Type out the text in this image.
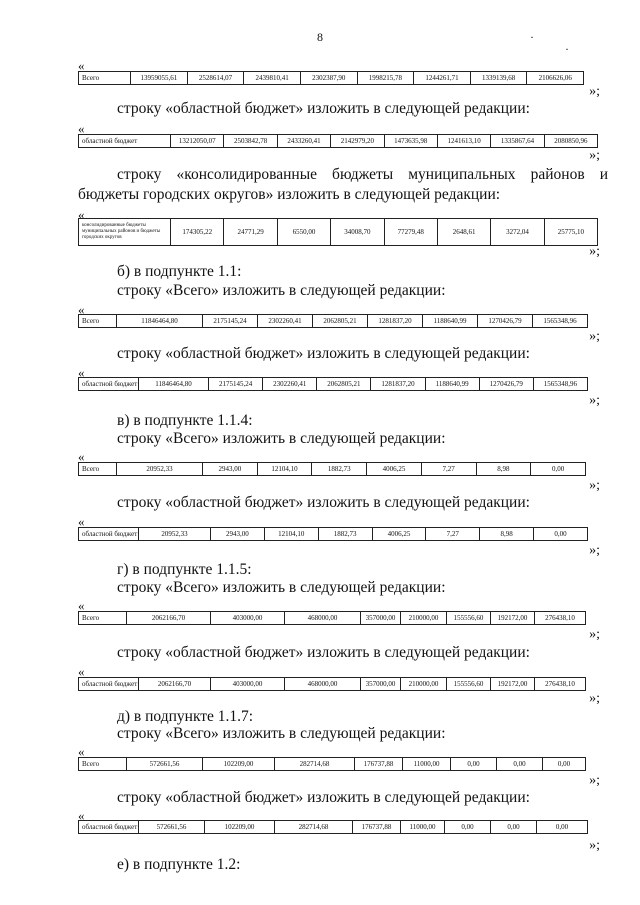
8	·
·
«
Всего	13959055,61	2528614,07	2439810,41	2302387,90	1998215,78	1244261,71	1339139,68	2106626,06
»;
строку «областной бюджет» изложить в следующей редакции:
«
областной бюджет	13212050,07	2503842,78	2433260,41	2142979,20	1473635,98	1241613,10	1335867,64	2080850,96
»;
строку «консолидированные бюджеты муниципальных районов и бюджеты городских округов» изложить в следующей редакции:
«
консолидированные бюджеты муниципальных районов и бюджеты городских округов	174305,22	24771,29	6550,00	34008,70	77279,48	2648,61	3272,04	25775,10
»;
б) в подпункте 1.1:
строку «Всего» изложить в следующей редакции:
«
Всего	11846464,80	2175145,24	2302260,41	2062805,21	1281837,20	1188640,99	1270426,79	1565348,96
»;
строку «областной бюджет» изложить в следующей редакции:
«
областной бюджет	11846464,80	2175145,24	2302260,41	2062805,21	1281837,20	1188640,99	1270426,79	1565348,96
»;
в) в подпункте 1.1.4:
строку «Всего» изложить в следующей редакции:
«
Всего	20952,33	2943,00	12104,10	1882,73	4006,25	7,27	8,98	0,00
»;
строку «областной бюджет» изложить в следующей редакции:
«
областной бюджет	20952,33	2943,00	12104,10	1882,73	4006,25	7,27	8,98	0,00
»;
г) в подпункте 1.1.5:
строку «Всего» изложить в следующей редакции:
«
Всего	2062166,70	403000,00	468000,00	357000,00	210000,00	155556,60	192172,00	276438,10
»;
строку «областной бюджет» изложить в следующей редакции:
«
областной бюджет	2062166,70	403000,00	468000,00	357000,00	210000,00	155556,60	192172,00	276438,10
»;
д) в подпункте 1.1.7:
строку «Всего» изложить в следующей редакции:
«
Всего	572661,56	102209,00	282714,68	176737,88	11000,00	0,00	0,00	0,00
»;
строку «областной бюджет» изложить в следующей редакции:
«
областной бюджет	572661,56	102209,00	282714,68	176737,88	11000,00	0,00	0,00	0,00
»;
е) в подпункте 1.2:
